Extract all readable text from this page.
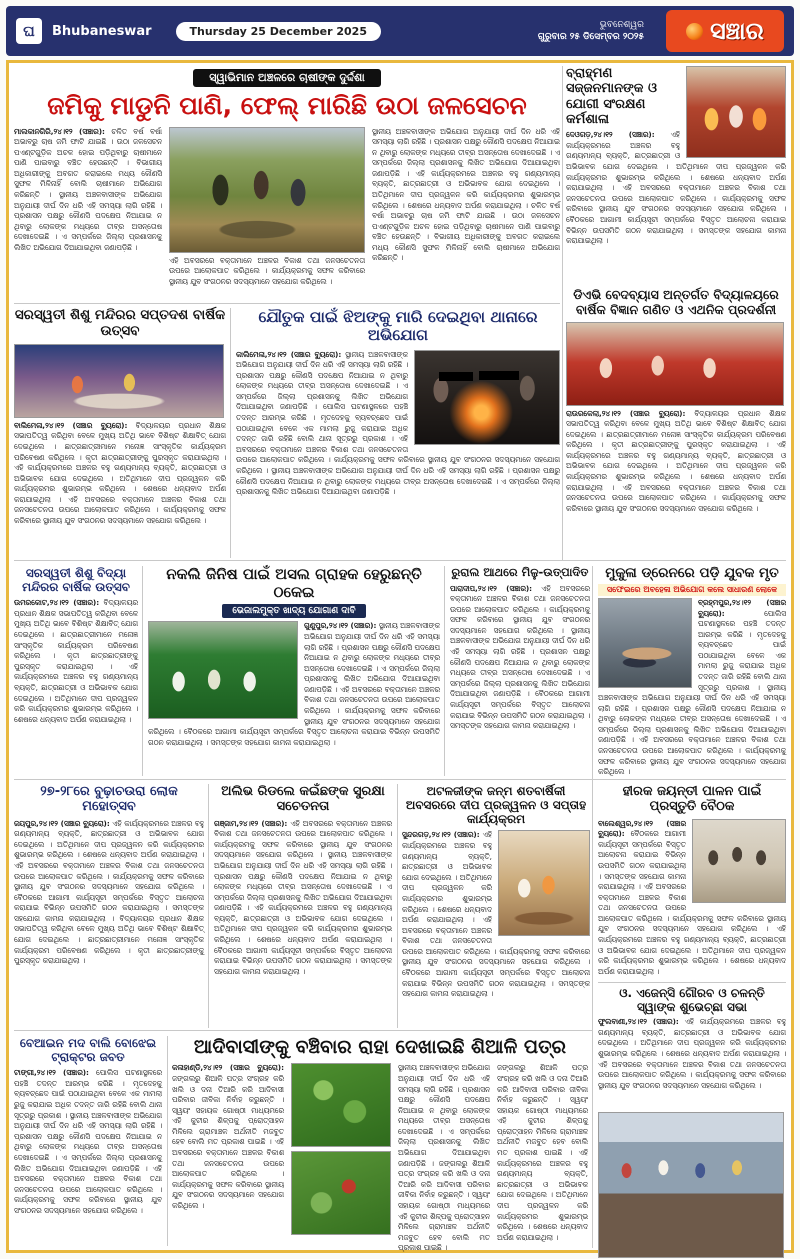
ଘ	Bhubaneswar	Thursday 25 December 2025	ଭୁବନେଶ୍ୱର
ଗୁରୁବାର ୨୫ ଡିସେମ୍ବର ୨୦୨୫	ସଞ୍ଚାର
ସ୍ୱାଭିମାନ ଅଞ୍ଚଳରେ ଚାଷୀଙ୍କ ଦୁର୍ଦ୍ଦଶା
ଜମିକୁ ମାଡୁନି ପାଣି, ଫେଲ୍ ମାରିଛି ଉଠା ଜଳସେଚନ
ମାଲକାନଗିରି,୨୪।୧୨ (ସଞ୍ଚାର): ଚଳିତ ବର୍ଷ ବର୍ଷା ଅଭାବରୁ ଚାଷ ଜମି ଫାଟି ଯାଇଛି । ଉଠା ଜଳସେଚନ ପଏଣ୍ଟଗୁଡ଼ିକ ଅଚଳ ହୋଇ ପଡ଼ିଥିବାରୁ ଚାଷୀମାନେ ପାଣି ପାଇବାରୁ ବଞ୍ଚିତ ହେଉଛନ୍ତି । ବିଭାଗୀୟ ଅଧିକାରୀଙ୍କୁ ଅବଗତ କରାଇଲେ ମଧ୍ୟ କୌଣସି ସୁଫଳ ମିଳିନାହିଁ ବୋଲି ଚାଷୀମାନେ ଅଭିଯୋଗ କରିଛନ୍ତି । ସ୍ଥାନୀୟ ଅଞ୍ଚଳବାସୀଙ୍କ ଅଭିଯୋଗ ଅନୁଯାୟୀ ଦୀର୍ଘ ଦିନ ଧରି ଏହି ସମସ୍ୟା ଲାଗି ରହିଛି । ପ୍ରଶାସନ ପକ୍ଷରୁ କୌଣସି ପଦକ୍ଷେପ ନିଆଯାଇ ନ ଥିବାରୁ ଲୋକଙ୍କ ମଧ୍ୟରେ ତୀବ୍ର ଅସନ୍ତୋଷ ଦେଖାଦେଇଛି । ଏ ସମ୍ପର୍କରେ ଜିଲ୍ଲା ପ୍ରଶାସନକୁ ଲିଖିତ ଅଭିଯୋଗ ଦିଆଯାଇଥିବା ଜଣାପଡ଼ିଛି ।
ଏହି ଅବସରରେ ବକ୍ତାମାନେ ଅଞ୍ଚଳର ବିକାଶ ତଥା ଜନସଚେତନତା ଉପରେ ଆଲୋକପାତ କରିଥିଲେ । କାର୍ଯ୍ୟକ୍ରମକୁ ସଫଳ କରିବାରେ ସ୍ଥାନୀୟ ଯୁବ ସଂଗଠନର ସଦସ୍ୟମାନେ ସହଯୋଗ କରିଥିଲେ ।
ସ୍ଥାନୀୟ ଅଞ୍ଚଳବାସୀଙ୍କ ଅଭିଯୋଗ ଅନୁଯାୟୀ ଦୀର୍ଘ ଦିନ ଧରି ଏହି ସମସ୍ୟା ଲାଗି ରହିଛି । ପ୍ରଶାସନ ପକ୍ଷରୁ କୌଣସି ପଦକ୍ଷେପ ନିଆଯାଇ ନ ଥିବାରୁ ଲୋକଙ୍କ ମଧ୍ୟରେ ତୀବ୍ର ଅସନ୍ତୋଷ ଦେଖାଦେଇଛି । ଏ ସମ୍ପର୍କରେ ଜିଲ୍ଲା ପ୍ରଶାସନକୁ ଲିଖିତ ଅଭିଯୋଗ ଦିଆଯାଇଥିବା ଜଣାପଡ଼ିଛି । ଏହି କାର୍ଯ୍ୟକ୍ରମରେ ଅଞ୍ଚଳର ବହୁ ଗଣ୍ୟମାନ୍ୟ ବ୍ୟକ୍ତି, ଛାତ୍ରଛାତ୍ରୀ ଓ ଅଭିଭାବକ ଯୋଗ ଦେଇଥିଲେ । ଅତିଥିମାନେ ଦୀପ ପ୍ରଜ୍ୱଳନ କରି କାର୍ଯ୍ୟକ୍ରମର ଶୁଭାରମ୍ଭ କରିଥିଲେ । ଶେଷରେ ଧନ୍ୟବାଦ ଅର୍ପଣ କରାଯାଇଥିଲା । ଚଳିତ ବର୍ଷ ବର୍ଷା ଅଭାବରୁ ଚାଷ ଜମି ଫାଟି ଯାଇଛି । ଉଠା ଜଳସେଚନ ପଏଣ୍ଟଗୁଡ଼ିକ ଅଚଳ ହୋଇ ପଡ଼ିଥିବାରୁ ଚାଷୀମାନେ ପାଣି ପାଇବାରୁ ବଞ୍ଚିତ ହେଉଛନ୍ତି । ବିଭାଗୀୟ ଅଧିକାରୀଙ୍କୁ ଅବଗତ କରାଇଲେ ମଧ୍ୟ କୌଣସି ସୁଫଳ ମିଳିନାହିଁ ବୋଲି ଚାଷୀମାନେ ଅଭିଯୋଗ କରିଛନ୍ତି ।
ବ୍ରାହ୍ମଣ ସଜ୍ଜନମାନଙ୍କ ଓ ଯୋଗୀ ସଂରକ୍ଷଣ କର୍ମଶାଳା
ଦେଓଗଡ଼,୨୪।୧୨ (ସଞ୍ଚାର): ଏହି କାର୍ଯ୍ୟକ୍ରମରେ ଅଞ୍ଚଳର ବହୁ ଗଣ୍ୟମାନ୍ୟ ବ୍ୟକ୍ତି, ଛାତ୍ରଛାତ୍ରୀ ଓ ଅଭିଭାବକ ଯୋଗ ଦେଇଥିଲେ । ଅତିଥିମାନେ ଦୀପ ପ୍ରଜ୍ୱଳନ କରି କାର୍ଯ୍ୟକ୍ରମର ଶୁଭାରମ୍ଭ କରିଥିଲେ । ଶେଷରେ ଧନ୍ୟବାଦ ଅର୍ପଣ କରାଯାଇଥିଲା । ଏହି ଅବସରରେ ବକ୍ତାମାନେ ଅଞ୍ଚଳର ବିକାଶ ତଥା ଜନସଚେତନତା ଉପରେ ଆଲୋକପାତ କରିଥିଲେ । କାର୍ଯ୍ୟକ୍ରମକୁ ସଫଳ କରିବାରେ ସ୍ଥାନୀୟ ଯୁବ ସଂଗଠନର ସଦସ୍ୟମାନେ ସହଯୋଗ କରିଥିଲେ । ବୈଠକରେ ଆଗାମୀ କାର୍ଯ୍ୟସୂଚୀ ସମ୍ପର୍କରେ ବିସ୍ତୃତ ଆଲୋଚନା କରାଯାଇ ବିଭିନ୍ନ ଉପସମିତି ଗଠନ କରାଯାଇଥିଲା । ସମସ୍ତଙ୍କ ସହଯୋଗ କାମନା କରାଯାଇଥିଲା ।
ଡିଏଭି ବେଦବ୍ୟାସ ଅନ୍ତର୍ଗତ ବିଦ୍ୟାଳୟରେ ବାର୍ଷିକ ବିଜ୍ଞାନ ଗଣିତ ଓ ଏଥନିକ ପ୍ରଦର୍ଶନୀ
ରାଉରକେଲା,୨୪।୧୨ (ସଞ୍ଚାର ବ୍ୟୁରୋ): ବିଦ୍ୟାଳୟର ପ୍ରଧାନ ଶିକ୍ଷକ ସଭାପତିତ୍ୱ କରିଥିବା ବେଳେ ମୁଖ୍ୟ ଅତିଥି ଭାବେ ବିଶିଷ୍ଟ ଶିକ୍ଷାବିତ୍ ଯୋଗ ଦେଇଥିଲେ । ଛାତ୍ରଛାତ୍ରୀମାନେ ମନୋଜ୍ଞ ସାଂସ୍କୃତିକ କାର୍ଯ୍ୟକ୍ରମ ପରିବେଷଣ କରିଥିଲେ । କୃତୀ ଛାତ୍ରଛାତ୍ରୀଙ୍କୁ ପୁରସ୍କୃତ କରାଯାଇଥିଲା । ଏହି କାର୍ଯ୍ୟକ୍ରମରେ ଅଞ୍ଚଳର ବହୁ ଗଣ୍ୟମାନ୍ୟ ବ୍ୟକ୍ତି, ଛାତ୍ରଛାତ୍ରୀ ଓ ଅଭିଭାବକ ଯୋଗ ଦେଇଥିଲେ । ଅତିଥିମାନେ ଦୀପ ପ୍ରଜ୍ୱଳନ କରି କାର୍ଯ୍ୟକ୍ରମର ଶୁଭାରମ୍ଭ କରିଥିଲେ । ଶେଷରେ ଧନ୍ୟବାଦ ଅର୍ପଣ କରାଯାଇଥିଲା । ଏହି ଅବସରରେ ବକ୍ତାମାନେ ଅଞ୍ଚଳର ବିକାଶ ତଥା ଜନସଚେତନତା ଉପରେ ଆଲୋକପାତ କରିଥିଲେ । କାର୍ଯ୍ୟକ୍ରମକୁ ସଫଳ କରିବାରେ ସ୍ଥାନୀୟ ଯୁବ ସଂଗଠନର ସଦସ୍ୟମାନେ ସହଯୋଗ କରିଥିଲେ ।
ସରସ୍ୱତୀ ଶିଶୁ ମନ୍ଦିରର ସପ୍ତଦଶ ବାର୍ଷିକ ଉତ୍ସବ
ବାଲିମେଳା,୨୪।୧୨ (ସଞ୍ଚାର ବ୍ୟୁରୋ): ବିଦ୍ୟାଳୟର ପ୍ରଧାନ ଶିକ୍ଷକ ସଭାପତିତ୍ୱ କରିଥିବା ବେଳେ ମୁଖ୍ୟ ଅତିଥି ଭାବେ ବିଶିଷ୍ଟ ଶିକ୍ଷାବିତ୍ ଯୋଗ ଦେଇଥିଲେ । ଛାତ୍ରଛାତ୍ରୀମାନେ ମନୋଜ୍ଞ ସାଂସ୍କୃତିକ କାର୍ଯ୍ୟକ୍ରମ ପରିବେଷଣ କରିଥିଲେ । କୃତୀ ଛାତ୍ରଛାତ୍ରୀଙ୍କୁ ପୁରସ୍କୃତ କରାଯାଇଥିଲା । ଏହି କାର୍ଯ୍ୟକ୍ରମରେ ଅଞ୍ଚଳର ବହୁ ଗଣ୍ୟମାନ୍ୟ ବ୍ୟକ୍ତି, ଛାତ୍ରଛାତ୍ରୀ ଓ ଅଭିଭାବକ ଯୋଗ ଦେଇଥିଲେ । ଅତିଥିମାନେ ଦୀପ ପ୍ରଜ୍ୱଳନ କରି କାର୍ଯ୍ୟକ୍ରମର ଶୁଭାରମ୍ଭ କରିଥିଲେ । ଶେଷରେ ଧନ୍ୟବାଦ ଅର୍ପଣ କରାଯାଇଥିଲା । ଏହି ଅବସରରେ ବକ୍ତାମାନେ ଅଞ୍ଚଳର ବିକାଶ ତଥା ଜନସଚେତନତା ଉପରେ ଆଲୋକପାତ କରିଥିଲେ । କାର୍ଯ୍ୟକ୍ରମକୁ ସଫଳ କରିବାରେ ସ୍ଥାନୀୟ ଯୁବ ସଂଗଠନର ସଦସ୍ୟମାନେ ସହଯୋଗ କରିଥିଲେ ।
ଯୌତୁକ ପାଇଁ ଝିଅଙ୍କୁ ମାରି ଦେଇଥିବା ଥାନାରେ ଅଭିଯୋଗ
କାଲିମେଳା,୨୪।୧୨ (ସଞ୍ଚାର ବ୍ୟୁରୋ): ସ୍ଥାନୀୟ ଅଞ୍ଚଳବାସୀଙ୍କ ଅଭିଯୋଗ ଅନୁଯାୟୀ ଦୀର୍ଘ ଦିନ ଧରି ଏହି ସମସ୍ୟା ଲାଗି ରହିଛି । ପ୍ରଶାସନ ପକ୍ଷରୁ କୌଣସି ପଦକ୍ଷେପ ନିଆଯାଇ ନ ଥିବାରୁ ଲୋକଙ୍କ ମଧ୍ୟରେ ତୀବ୍ର ଅସନ୍ତୋଷ ଦେଖାଦେଇଛି । ଏ ସମ୍ପର୍କରେ ଜିଲ୍ଲା ପ୍ରଶାସନକୁ ଲିଖିତ ଅଭିଯୋଗ ଦିଆଯାଇଥିବା ଜଣାପଡ଼ିଛି । ପୋଲିସ ଘଟଣାସ୍ଥଳରେ ପହଞ୍ଚି ତଦନ୍ତ ଆରମ୍ଭ କରିଛି । ମୃତଦେହକୁ ବ୍ୟବଚ୍ଛେଦ ପାଇଁ ପଠାଯାଇଥିବା ବେଳେ ଏକ ମାମଲା ରୁଜୁ କରାଯାଇ ଅଧିକ ତଦନ୍ତ ଜାରି ରହିଛି ବୋଲି ଥାନା ସୂତ୍ରରୁ ପ୍ରକାଶ । ଏହି ଅବସରରେ ବକ୍ତାମାନେ ଅଞ୍ଚଳର ବିକାଶ ତଥା ଜନସଚେତନତା ଉପରେ ଆଲୋକପାତ କରିଥିଲେ । କାର୍ଯ୍ୟକ୍ରମକୁ ସଫଳ କରିବାରେ ସ୍ଥାନୀୟ ଯୁବ ସଂଗଠନର ସଦସ୍ୟମାନେ ସହଯୋଗ କରିଥିଲେ । ସ୍ଥାନୀୟ ଅଞ୍ଚଳବାସୀଙ୍କ ଅଭିଯୋଗ ଅନୁଯାୟୀ ଦୀର୍ଘ ଦିନ ଧରି ଏହି ସମସ୍ୟା ଲାଗି ରହିଛି । ପ୍ରଶାସନ ପକ୍ଷରୁ କୌଣସି ପଦକ୍ଷେପ ନିଆଯାଇ ନ ଥିବାରୁ ଲୋକଙ୍କ ମଧ୍ୟରେ ତୀବ୍ର ଅସନ୍ତୋଷ ଦେଖାଦେଇଛି । ଏ ସମ୍ପର୍କରେ ଜିଲ୍ଲା ପ୍ରଶାସନକୁ ଲିଖିତ ଅଭିଯୋଗ ଦିଆଯାଇଥିବା ଜଣାପଡ଼ିଛି ।
ସରସ୍ୱତୀ ଶିଶୁ ବିଦ୍ୟା ମନ୍ଦିରର ବାର୍ଷିକ ଉତ୍ସବ
ଉମରକୋଟ,୨୪।୧୨ (ସଞ୍ଚାର): ବିଦ୍ୟାଳୟର ପ୍ରଧାନ ଶିକ୍ଷକ ସଭାପତିତ୍ୱ କରିଥିବା ବେଳେ ମୁଖ୍ୟ ଅତିଥି ଭାବେ ବିଶିଷ୍ଟ ଶିକ୍ଷାବିତ୍ ଯୋଗ ଦେଇଥିଲେ । ଛାତ୍ରଛାତ୍ରୀମାନେ ମନୋଜ୍ଞ ସାଂସ୍କୃତିକ କାର୍ଯ୍ୟକ୍ରମ ପରିବେଷଣ କରିଥିଲେ । କୃତୀ ଛାତ୍ରଛାତ୍ରୀଙ୍କୁ ପୁରସ୍କୃତ କରାଯାଇଥିଲା । ଏହି କାର୍ଯ୍ୟକ୍ରମରେ ଅଞ୍ଚଳର ବହୁ ଗଣ୍ୟମାନ୍ୟ ବ୍ୟକ୍ତି, ଛାତ୍ରଛାତ୍ରୀ ଓ ଅଭିଭାବକ ଯୋଗ ଦେଇଥିଲେ । ଅତିଥିମାନେ ଦୀପ ପ୍ରଜ୍ୱଳନ କରି କାର୍ଯ୍ୟକ୍ରମର ଶୁଭାରମ୍ଭ କରିଥିଲେ । ଶେଷରେ ଧନ୍ୟବାଦ ଅର୍ପଣ କରାଯାଇଥିଲା ।
ନକଲି ଜିନିଷ ପାଇଁ ଅସଲ ଗ୍ରାହକ ହେରୁଛନ୍ତି ଠକେଇ
ଭେଜାଲମୁକ୍ତ ଖାଦ୍ୟ ଯୋଗାଣ ଦାବି
ଗୁଣୁପୁର,୨୪।୧୨ (ସଞ୍ଚାର): ସ୍ଥାନୀୟ ଅଞ୍ଚଳବାସୀଙ୍କ ଅଭିଯୋଗ ଅନୁଯାୟୀ ଦୀର୍ଘ ଦିନ ଧରି ଏହି ସମସ୍ୟା ଲାଗି ରହିଛି । ପ୍ରଶାସନ ପକ୍ଷରୁ କୌଣସି ପଦକ୍ଷେପ ନିଆଯାଇ ନ ଥିବାରୁ ଲୋକଙ୍କ ମଧ୍ୟରେ ତୀବ୍ର ଅସନ୍ତୋଷ ଦେଖାଦେଇଛି । ଏ ସମ୍ପର୍କରେ ଜିଲ୍ଲା ପ୍ରଶାସନକୁ ଲିଖିତ ଅଭିଯୋଗ ଦିଆଯାଇଥିବା ଜଣାପଡ଼ିଛି । ଏହି ଅବସରରେ ବକ୍ତାମାନେ ଅଞ୍ଚଳର ବିକାଶ ତଥା ଜନସଚେତନତା ଉପରେ ଆଲୋକପାତ କରିଥିଲେ । କାର୍ଯ୍ୟକ୍ରମକୁ ସଫଳ କରିବାରେ ସ୍ଥାନୀୟ ଯୁବ ସଂଗଠନର ସଦସ୍ୟମାନେ ସହଯୋଗ କରିଥିଲେ । ବୈଠକରେ ଆଗାମୀ କାର୍ଯ୍ୟସୂଚୀ ସମ୍ପର୍କରେ ବିସ୍ତୃତ ଆଲୋଚନା କରାଯାଇ ବିଭିନ୍ନ ଉପସମିତି ଗଠନ କରାଯାଇଥିଲା । ସମସ୍ତଙ୍କ ସହଯୋଗ କାମନା କରାଯାଇଥିଲା ।
ରୁରାଲ ଆଥରେ ମିଳୁ-ଉତ୍ପାଦିତ
ପାରାଦୀପ,୨୪।୧୨ (ସଞ୍ଚାର): ଏହି ଅବସରରେ ବକ୍ତାମାନେ ଅଞ୍ଚଳର ବିକାଶ ତଥା ଜନସଚେତନତା ଉପରେ ଆଲୋକପାତ କରିଥିଲେ । କାର୍ଯ୍ୟକ୍ରମକୁ ସଫଳ କରିବାରେ ସ୍ଥାନୀୟ ଯୁବ ସଂଗଠନର ସଦସ୍ୟମାନେ ସହଯୋଗ କରିଥିଲେ । ସ୍ଥାନୀୟ ଅଞ୍ଚଳବାସୀଙ୍କ ଅଭିଯୋଗ ଅନୁଯାୟୀ ଦୀର୍ଘ ଦିନ ଧରି ଏହି ସମସ୍ୟା ଲାଗି ରହିଛି । ପ୍ରଶାସନ ପକ୍ଷରୁ କୌଣସି ପଦକ୍ଷେପ ନିଆଯାଇ ନ ଥିବାରୁ ଲୋକଙ୍କ ମଧ୍ୟରେ ତୀବ୍ର ଅସନ୍ତୋଷ ଦେଖାଦେଇଛି । ଏ ସମ୍ପର୍କରେ ଜିଲ୍ଲା ପ୍ରଶାସନକୁ ଲିଖିତ ଅଭିଯୋଗ ଦିଆଯାଇଥିବା ଜଣାପଡ଼ିଛି । ବୈଠକରେ ଆଗାମୀ କାର୍ଯ୍ୟସୂଚୀ ସମ୍ପର୍କରେ ବିସ୍ତୃତ ଆଲୋଚନା କରାଯାଇ ବିଭିନ୍ନ ଉପସମିତି ଗଠନ କରାଯାଇଥିଲା । ସମସ୍ତଙ୍କ ସହଯୋଗ କାମନା କରାଯାଇଥିଲା ।
ମୁକୁଳା ଡ୍ରେନରେ ପଡ଼ି ଯୁବକ ମୃତ
ସଫେଇରେ ଅବହେଳା ଅଭିଯୋଗ କଲେ ସାଧାରଣ ଲୋକେ
ବ୍ରହ୍ମପୁର,୨୪।୧୨ (ସଞ୍ଚାର ବ୍ୟୁରୋ):	ପୋଲିସ ଘଟଣାସ୍ଥଳରେ ପହଞ୍ଚି ତଦନ୍ତ ଆରମ୍ଭ କରିଛି । ମୃତଦେହକୁ ବ୍ୟବଚ୍ଛେଦ ପାଇଁ ପଠାଯାଇଥିବା ବେଳେ ଏକ ମାମଲା ରୁଜୁ କରାଯାଇ ଅଧିକ ତଦନ୍ତ ଜାରି ରହିଛି ବୋଲି ଥାନା ସୂତ୍ରରୁ ପ୍ରକାଶ । ସ୍ଥାନୀୟ ଅଞ୍ଚଳବାସୀଙ୍କ ଅଭିଯୋଗ ଅନୁଯାୟୀ ଦୀର୍ଘ ଦିନ ଧରି ଏହି ସମସ୍ୟା ଲାଗି ରହିଛି । ପ୍ରଶାସନ ପକ୍ଷରୁ କୌଣସି ପଦକ୍ଷେପ ନିଆଯାଇ ନ ଥିବାରୁ ଲୋକଙ୍କ ମଧ୍ୟରେ ତୀବ୍ର ଅସନ୍ତୋଷ ଦେଖାଦେଇଛି । ଏ ସମ୍ପର୍କରେ ଜିଲ୍ଲା ପ୍ରଶାସନକୁ ଲିଖିତ ଅଭିଯୋଗ ଦିଆଯାଇଥିବା ଜଣାପଡ଼ିଛି । ଏହି ଅବସରରେ ବକ୍ତାମାନେ ଅଞ୍ଚଳର ବିକାଶ ତଥା ଜନସଚେତନତା ଉପରେ ଆଲୋକପାତ କରିଥିଲେ । କାର୍ଯ୍ୟକ୍ରମକୁ ସଫଳ କରିବାରେ ସ୍ଥାନୀୟ ଯୁବ ସଂଗଠନର ସଦସ୍ୟମାନେ ସହଯୋଗ କରିଥିଲେ ।
୨୭-୨୮ରେ ବୁଢ଼ାଚଉରା ଲୋକ ମହୋତ୍ସବ
ଜୟପୁର,୨୪।୧୨ (ସଞ୍ଚାର ବ୍ୟୁରୋ): ଏହି କାର୍ଯ୍ୟକ୍ରମରେ ଅଞ୍ଚଳର ବହୁ ଗଣ୍ୟମାନ୍ୟ ବ୍ୟକ୍ତି, ଛାତ୍ରଛାତ୍ରୀ ଓ ଅଭିଭାବକ ଯୋଗ ଦେଇଥିଲେ । ଅତିଥିମାନେ ଦୀପ ପ୍ରଜ୍ୱଳନ କରି କାର୍ଯ୍ୟକ୍ରମର ଶୁଭାରମ୍ଭ କରିଥିଲେ । ଶେଷରେ ଧନ୍ୟବାଦ ଅର୍ପଣ କରାଯାଇଥିଲା । ଏହି ଅବସରରେ ବକ୍ତାମାନେ ଅଞ୍ଚଳର ବିକାଶ ତଥା ଜନସଚେତନତା ଉପରେ ଆଲୋକପାତ କରିଥିଲେ । କାର୍ଯ୍ୟକ୍ରମକୁ ସଫଳ କରିବାରେ ସ୍ଥାନୀୟ ଯୁବ ସଂଗଠନର ସଦସ୍ୟମାନେ ସହଯୋଗ କରିଥିଲେ । ବୈଠକରେ ଆଗାମୀ କାର୍ଯ୍ୟସୂଚୀ ସମ୍ପର୍କରେ ବିସ୍ତୃତ ଆଲୋଚନା କରାଯାଇ ବିଭିନ୍ନ ଉପସମିତି ଗଠନ କରାଯାଇଥିଲା । ସମସ୍ତଙ୍କ ସହଯୋଗ କାମନା କରାଯାଇଥିଲା । ବିଦ୍ୟାଳୟର ପ୍ରଧାନ ଶିକ୍ଷକ ସଭାପତିତ୍ୱ କରିଥିବା ବେଳେ ମୁଖ୍ୟ ଅତିଥି ଭାବେ ବିଶିଷ୍ଟ ଶିକ୍ଷାବିତ୍ ଯୋଗ ଦେଇଥିଲେ । ଛାତ୍ରଛାତ୍ରୀମାନେ ମନୋଜ୍ଞ ସାଂସ୍କୃତିକ କାର୍ଯ୍ୟକ୍ରମ ପରିବେଷଣ କରିଥିଲେ । କୃତୀ ଛାତ୍ରଛାତ୍ରୀଙ୍କୁ ପୁରସ୍କୃତ କରାଯାଇଥିଲା ।
ଅଲିଭ ରିଡଲେ କଇଁଛଙ୍କ ସୁରକ୍ଷା ସଚେତନତା
ଗଞ୍ଜାମ,୨୪।୧୨ (ସଞ୍ଚାର): ଏହି ଅବସରରେ ବକ୍ତାମାନେ ଅଞ୍ଚଳର ବିକାଶ ତଥା ଜନସଚେତନତା ଉପରେ ଆଲୋକପାତ କରିଥିଲେ । କାର୍ଯ୍ୟକ୍ରମକୁ ସଫଳ କରିବାରେ ସ୍ଥାନୀୟ ଯୁବ ସଂଗଠନର ସଦସ୍ୟମାନେ ସହଯୋଗ କରିଥିଲେ । ସ୍ଥାନୀୟ ଅଞ୍ଚଳବାସୀଙ୍କ ଅଭିଯୋଗ ଅନୁଯାୟୀ ଦୀର୍ଘ ଦିନ ଧରି ଏହି ସମସ୍ୟା ଲାଗି ରହିଛି । ପ୍ରଶାସନ ପକ୍ଷରୁ କୌଣସି ପଦକ୍ଷେପ ନିଆଯାଇ ନ ଥିବାରୁ ଲୋକଙ୍କ ମଧ୍ୟରେ ତୀବ୍ର ଅସନ୍ତୋଷ ଦେଖାଦେଇଛି । ଏ ସମ୍ପର୍କରେ ଜିଲ୍ଲା ପ୍ରଶାସନକୁ ଲିଖିତ ଅଭିଯୋଗ ଦିଆଯାଇଥିବା ଜଣାପଡ଼ିଛି । ଏହି କାର୍ଯ୍ୟକ୍ରମରେ ଅଞ୍ଚଳର ବହୁ ଗଣ୍ୟମାନ୍ୟ ବ୍ୟକ୍ତି, ଛାତ୍ରଛାତ୍ରୀ ଓ ଅଭିଭାବକ ଯୋଗ ଦେଇଥିଲେ । ଅତିଥିମାନେ ଦୀପ ପ୍ରଜ୍ୱଳନ କରି କାର୍ଯ୍ୟକ୍ରମର ଶୁଭାରମ୍ଭ କରିଥିଲେ । ଶେଷରେ ଧନ୍ୟବାଦ ଅର୍ପଣ କରାଯାଇଥିଲା । ବୈଠକରେ ଆଗାମୀ କାର୍ଯ୍ୟସୂଚୀ ସମ୍ପର୍କରେ ବିସ୍ତୃତ ଆଲୋଚନା କରାଯାଇ ବିଭିନ୍ନ ଉପସମିତି ଗଠନ କରାଯାଇଥିଲା । ସମସ୍ତଙ୍କ ସହଯୋଗ କାମନା କରାଯାଇଥିଲା ।
ଅଟଳଜୀଙ୍କ ଜନ୍ମ ଶତବାର୍ଷିକୀ ଅବସରରେ ଦୀପ ପ୍ରଜ୍ୱଳନ ଓ ସପ୍ତାହ କାର୍ଯ୍ୟକ୍ରମ
ସୁନ୍ଦରଗଡ଼,୨୪।୧୨ (ସଞ୍ଚାର): ଏହି କାର୍ଯ୍ୟକ୍ରମରେ ଅଞ୍ଚଳର ବହୁ ଗଣ୍ୟମାନ୍ୟ ବ୍ୟକ୍ତି, ଛାତ୍ରଛାତ୍ରୀ ଓ ଅଭିଭାବକ ଯୋଗ ଦେଇଥିଲେ । ଅତିଥିମାନେ ଦୀପ ପ୍ରଜ୍ୱଳନ କରି କାର୍ଯ୍ୟକ୍ରମର ଶୁଭାରମ୍ଭ କରିଥିଲେ । ଶେଷରେ ଧନ୍ୟବାଦ ଅର୍ପଣ କରାଯାଇଥିଲା । ଏହି ଅବସରରେ ବକ୍ତାମାନେ ଅଞ୍ଚଳର ବିକାଶ ତଥା ଜନସଚେତନତା ଉପରେ ଆଲୋକପାତ କରିଥିଲେ । କାର୍ଯ୍ୟକ୍ରମକୁ ସଫଳ କରିବାରେ ସ୍ଥାନୀୟ ଯୁବ ସଂଗଠନର ସଦସ୍ୟମାନେ ସହଯୋଗ କରିଥିଲେ । ବୈଠକରେ ଆଗାମୀ କାର୍ଯ୍ୟସୂଚୀ ସମ୍ପର୍କରେ ବିସ୍ତୃତ ଆଲୋଚନା କରାଯାଇ ବିଭିନ୍ନ ଉପସମିତି ଗଠନ କରାଯାଇଥିଲା । ସମସ୍ତଙ୍କ ସହଯୋଗ କାମନା କରାଯାଇଥିଲା ।
ହୀରକ ଜୟନ୍ତୀ ପାଳନ ପାଇଁ ପ୍ରସ୍ତୁତି ବୈଠକ
ବାଲେଶ୍ୱର,୨୪।୧୨ (ସଞ୍ଚାର ବ୍ୟୁରୋ): ବୈଠକରେ ଆଗାମୀ କାର୍ଯ୍ୟସୂଚୀ ସମ୍ପର୍କରେ ବିସ୍ତୃତ ଆଲୋଚନା କରାଯାଇ ବିଭିନ୍ନ ଉପସମିତି ଗଠନ କରାଯାଇଥିଲା । ସମସ୍ତଙ୍କ ସହଯୋଗ କାମନା କରାଯାଇଥିଲା । ଏହି ଅବସରରେ ବକ୍ତାମାନେ ଅଞ୍ଚଳର ବିକାଶ ତଥା ଜନସଚେତନତା ଉପରେ ଆଲୋକପାତ କରିଥିଲେ । କାର୍ଯ୍ୟକ୍ରମକୁ ସଫଳ କରିବାରେ ସ୍ଥାନୀୟ ଯୁବ ସଂଗଠନର ସଦସ୍ୟମାନେ ସହଯୋଗ କରିଥିଲେ । ଏହି କାର୍ଯ୍ୟକ୍ରମରେ ଅଞ୍ଚଳର ବହୁ ଗଣ୍ୟମାନ୍ୟ ବ୍ୟକ୍ତି, ଛାତ୍ରଛାତ୍ରୀ ଓ ଅଭିଭାବକ ଯୋଗ ଦେଇଥିଲେ । ଅତିଥିମାନେ ଦୀପ ପ୍ରଜ୍ୱଳନ କରି କାର୍ଯ୍ୟକ୍ରମର ଶୁଭାରମ୍ଭ କରିଥିଲେ । ଶେଷରେ ଧନ୍ୟବାଦ ଅର୍ପଣ କରାଯାଇଥିଲା ।
ଓ. ଏଜେନ୍ସି ଗୌରବ ଓ ଚଳନ୍ତି ସ୍ୱାଙ୍କ ଶୁଭେଚ୍ଛା ସଭା
ଫୁଲବାଣୀ,୨୪।୧୨ (ସଞ୍ଚାର): ଏହି କାର୍ଯ୍ୟକ୍ରମରେ ଅଞ୍ଚଳର ବହୁ ଗଣ୍ୟମାନ୍ୟ ବ୍ୟକ୍ତି, ଛାତ୍ରଛାତ୍ରୀ ଓ ଅଭିଭାବକ ଯୋଗ ଦେଇଥିଲେ । ଅତିଥିମାନେ ଦୀପ ପ୍ରଜ୍ୱଳନ କରି କାର୍ଯ୍ୟକ୍ରମର ଶୁଭାରମ୍ଭ କରିଥିଲେ । ଶେଷରେ ଧନ୍ୟବାଦ ଅର୍ପଣ କରାଯାଇଥିଲା । ଏହି ଅବସରରେ ବକ୍ତାମାନେ ଅଞ୍ଚଳର ବିକାଶ ତଥା ଜନସଚେତନତା ଉପରେ ଆଲୋକପାତ କରିଥିଲେ । କାର୍ଯ୍ୟକ୍ରମକୁ ସଫଳ କରିବାରେ ସ୍ଥାନୀୟ ଯୁବ ସଂଗଠନର ସଦସ୍ୟମାନେ ସହଯୋଗ କରିଥିଲେ ।
ବେଆଇନ ମଦ ବାଲି ବୋଝେଇ ଟ୍ରାକ୍ଟର ଜବତ
ଟାଙ୍ଗୀ,୨୪।୧୨ (ସଞ୍ଚାର): ପୋଲିସ ଘଟଣାସ୍ଥଳରେ ପହଞ୍ଚି ତଦନ୍ତ ଆରମ୍ଭ କରିଛି । ମୃତଦେହକୁ ବ୍ୟବଚ୍ଛେଦ ପାଇଁ ପଠାଯାଇଥିବା ବେଳେ ଏକ ମାମଲା ରୁଜୁ କରାଯାଇ ଅଧିକ ତଦନ୍ତ ଜାରି ରହିଛି ବୋଲି ଥାନା ସୂତ୍ରରୁ ପ୍ରକାଶ । ସ୍ଥାନୀୟ ଅଞ୍ଚଳବାସୀଙ୍କ ଅଭିଯୋଗ ଅନୁଯାୟୀ ଦୀର୍ଘ ଦିନ ଧରି ଏହି ସମସ୍ୟା ଲାଗି ରହିଛି । ପ୍ରଶାସନ ପକ୍ଷରୁ କୌଣସି ପଦକ୍ଷେପ ନିଆଯାଇ ନ ଥିବାରୁ ଲୋକଙ୍କ ମଧ୍ୟରେ ତୀବ୍ର ଅସନ୍ତୋଷ ଦେଖାଦେଇଛି । ଏ ସମ୍ପର୍କରେ ଜିଲ୍ଲା ପ୍ରଶାସନକୁ ଲିଖିତ ଅଭିଯୋଗ ଦିଆଯାଇଥିବା ଜଣାପଡ଼ିଛି । ଏହି ଅବସରରେ ବକ୍ତାମାନେ ଅଞ୍ଚଳର ବିକାଶ ତଥା ଜନସଚେତନତା ଉପରେ ଆଲୋକପାତ କରିଥିଲେ । କାର୍ଯ୍ୟକ୍ରମକୁ ସଫଳ କରିବାରେ ସ୍ଥାନୀୟ ଯୁବ ସଂଗଠନର ସଦସ୍ୟମାନେ ସହଯୋଗ କରିଥିଲେ ।
ଆଦିବାସୀଙ୍କୁ ବଞ୍ଚିବାର ରାହା ଦେଖାଇଛି ଶିଆଳି ପତ୍ର
କଳାହାଣ୍ଡି,୨୪।୧୨ (ସଞ୍ଚାର ବ୍ୟୁରୋ): ଜଙ୍ଗଲରୁ ଶିଆଳି ପତ୍ର ସଂଗ୍ରହ କରି ଖଲି ଓ ଦନା ତିଆରି କରି ଆଦିବାସୀ ପରିବାର ଜୀବିକା ନିର୍ବାହ କରୁଛନ୍ତି । ସ୍ୱୟଂ ସହାୟକ ଗୋଷ୍ଠୀ ମାଧ୍ୟମରେ ଏହି କୁଟୀର ଶିଳ୍ପକୁ ପ୍ରୋତ୍ସାହନ ମିଳିଲେ ଗ୍ରାମାଞ୍ଚଳ ଅର୍ଥନୀତି ମଜବୁତ ହେବ ବୋଲି ମତ ପ୍ରକାଶ ପାଇଛି । ଏହି ଅବସରରେ ବକ୍ତାମାନେ ଅଞ୍ଚଳର ବିକାଶ ତଥା ଜନସଚେତନତା ଉପରେ ଆଲୋକପାତ କରିଥିଲେ । କାର୍ଯ୍ୟକ୍ରମକୁ ସଫଳ କରିବାରେ ସ୍ଥାନୀୟ ଯୁବ ସଂଗଠନର ସଦସ୍ୟମାନେ ସହଯୋଗ କରିଥିଲେ ।
ସ୍ଥାନୀୟ ଅଞ୍ଚଳବାସୀଙ୍କ ଅଭିଯୋଗ ଅନୁଯାୟୀ ଦୀର୍ଘ ଦିନ ଧରି ଏହି ସମସ୍ୟା ଲାଗି ରହିଛି । ପ୍ରଶାସନ ପକ୍ଷରୁ କୌଣସି ପଦକ୍ଷେପ ନିଆଯାଇ ନ ଥିବାରୁ ଲୋକଙ୍କ ମଧ୍ୟରେ ତୀବ୍ର ଅସନ୍ତୋଷ ଦେଖାଦେଇଛି । ଏ ସମ୍ପର୍କରେ ଜିଲ୍ଲା ପ୍ରଶାସନକୁ ଲିଖିତ ଅଭିଯୋଗ ଦିଆଯାଇଥିବା ଜଣାପଡ଼ିଛି । ଜଙ୍ଗଲରୁ ଶିଆଳି ପତ୍ର ସଂଗ୍ରହ କରି ଖଲି ଓ ଦନା ତିଆରି କରି ଆଦିବାସୀ ପରିବାର ଜୀବିକା ନିର୍ବାହ କରୁଛନ୍ତି । ସ୍ୱୟଂ ସହାୟକ ଗୋଷ୍ଠୀ ମାଧ୍ୟମରେ ଏହି କୁଟୀର ଶିଳ୍ପକୁ ପ୍ରୋତ୍ସାହନ ମିଳିଲେ ଗ୍ରାମାଞ୍ଚଳ ଅର୍ଥନୀତି ମଜବୁତ ହେବ ବୋଲି ମତ ପ୍ରକାଶ ପାଇଛି ।
ଜଙ୍ଗଲରୁ ଶିଆଳି ପତ୍ର ସଂଗ୍ରହ କରି ଖଲି ଓ ଦନା ତିଆରି କରି ଆଦିବାସୀ ପରିବାର ଜୀବିକା ନିର୍ବାହ କରୁଛନ୍ତି । ସ୍ୱୟଂ ସହାୟକ ଗୋଷ୍ଠୀ ମାଧ୍ୟମରେ ଏହି କୁଟୀର ଶିଳ୍ପକୁ ପ୍ରୋତ୍ସାହନ ମିଳିଲେ ଗ୍ରାମାଞ୍ଚଳ ଅର୍ଥନୀତି ମଜବୁତ ହେବ ବୋଲି ମତ ପ୍ରକାଶ ପାଇଛି । ଏହି କାର୍ଯ୍ୟକ୍ରମରେ ଅଞ୍ଚଳର ବହୁ ଗଣ୍ୟମାନ୍ୟ ବ୍ୟକ୍ତି, ଛାତ୍ରଛାତ୍ରୀ ଓ ଅଭିଭାବକ ଯୋଗ ଦେଇଥିଲେ । ଅତିଥିମାନେ ଦୀପ ପ୍ରଜ୍ୱଳନ କରି କାର୍ଯ୍ୟକ୍ରମର ଶୁଭାରମ୍ଭ କରିଥିଲେ । ଶେଷରେ ଧନ୍ୟବାଦ ଅର୍ପଣ କରାଯାଇଥିଲା ।
